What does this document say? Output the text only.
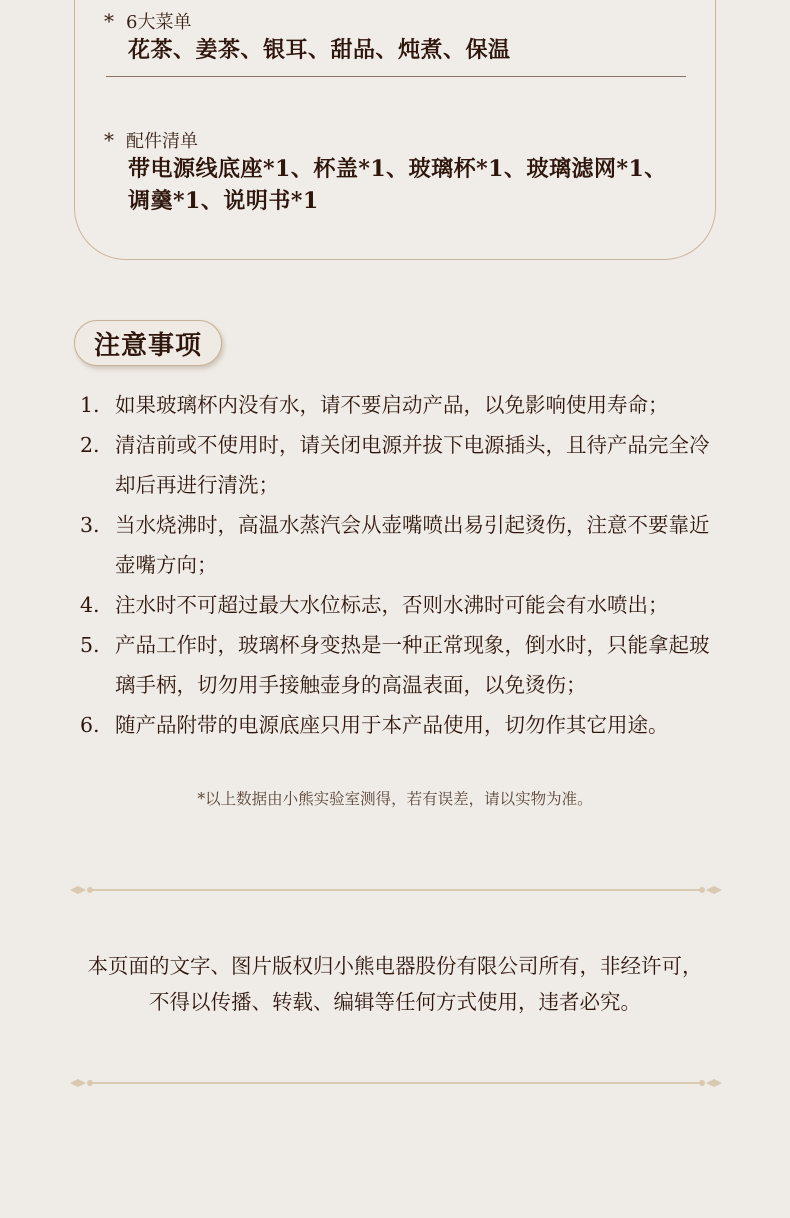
* 6大菜单
花茶、姜茶、银耳、甜品、炖煮、保温
* 配件清单
带电源线底座*1、杯盖*1、玻璃杯*1、玻璃滤网*1、调羹*1、说明书*1
注意事项
1. 如果玻璃杯内没有水，请不要启动产品，以免影响使用寿命；
2. 清洁前或不使用时，请关闭电源并拔下电源插头，且待产品完全冷却后再进行清洗；
3. 当水烧沸时，高温水蒸汽会从壶嘴喷出易引起烫伤，注意不要靠近壶嘴方向；
4. 注水时不可超过最大水位标志，否则水沸时可能会有水喷出；
5. 产品工作时，玻璃杯身变热是一种正常现象，倒水时，只能拿起玻璃手柄，切勿用手接触壶身的高温表面，以免烫伤；
6. 随产品附带的电源底座只用于本产品使用，切勿作其它用途。
*以上数据由小熊实验室测得，若有误差，请以实物为准。
本页面的文字、图片版权归小熊电器股份有限公司所有，非经许可，
不得以传播、转载、编辑等任何方式使用，违者必究。
